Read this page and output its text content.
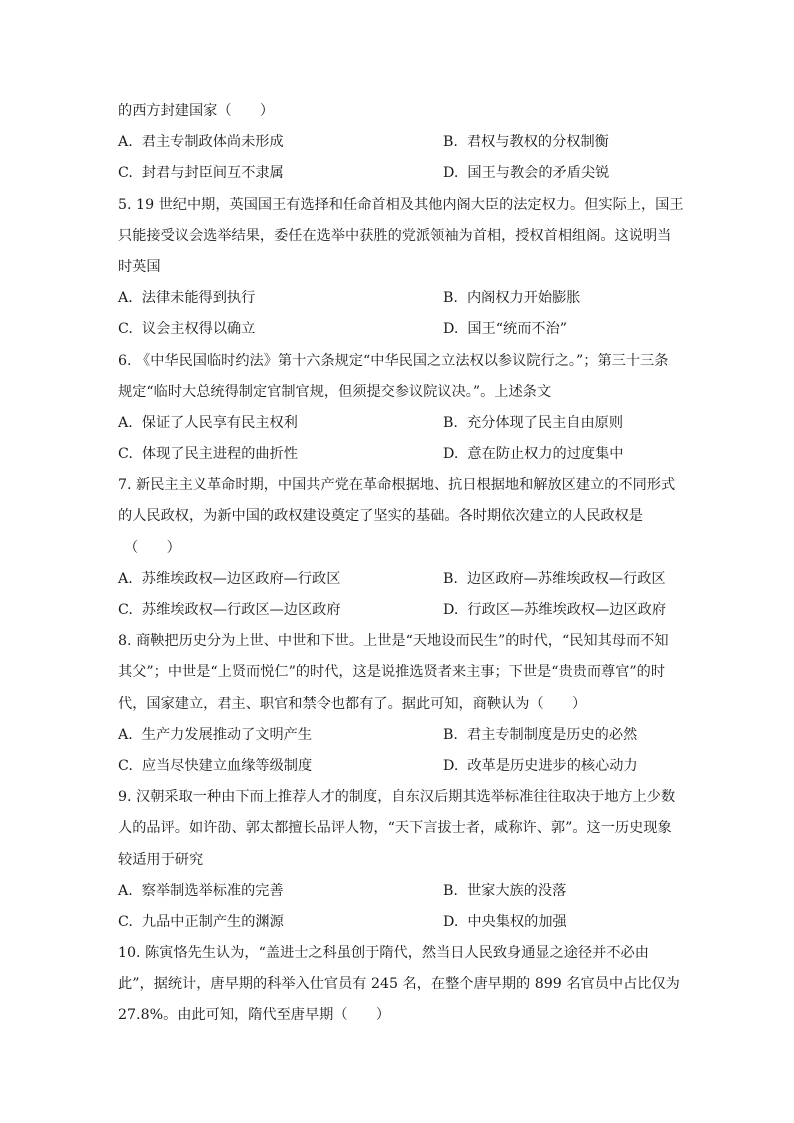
的西方封建国家（　　）
A. 君主专制政体尚未形成	B. 君权与教权的分权制衡
C. 封君与封臣间互不隶属	D. 国王与教会的矛盾尖锐
5. 19 世纪中期，英国国王有选择和任命首相及其他内阁大臣的法定权力。但实际上，国王
只能接受议会选举结果，委任在选举中获胜的党派领袖为首相，授权首相组阁。这说明当
时英国
A. 法律未能得到执行	B. 内阁权力开始膨胀
C. 议会主权得以确立	D. 国王“统而不治”
6. 《中华民国临时约法》第十六条规定“中华民国之立法权以参议院行之。”；第三十三条
规定“临时大总统得制定官制官规，但须提交参议院议决。”。上述条文
A. 保证了人民享有民主权利	B. 充分体现了民主自由原则
C. 体现了民主进程的曲折性	D. 意在防止权力的过度集中
7. 新民主主义革命时期，中国共产党在革命根据地、抗日根据地和解放区建立的不同形式
的人民政权，为新中国的政权建设奠定了坚实的基础。各时期依次建立的人民政权是
（　　）
A. 苏维埃政权—边区政府—行政区	B. 边区政府—苏维埃政权—行政区
C. 苏维埃政权—行政区—边区政府	D. 行政区—苏维埃政权—边区政府
8. 商鞅把历史分为上世、中世和下世。上世是“天地设而民生”的时代，“民知其母而不知
其父”；中世是“上贤而悦仁”的时代，这是说推选贤者来主事；下世是“贵贵而尊官”的时
代，国家建立，君主、职官和禁令也都有了。据此可知，商鞅认为（　　）
A. 生产力发展推动了文明产生	B. 君主专制制度是历史的必然
C. 应当尽快建立血缘等级制度	D. 改革是历史进步的核心动力
9. 汉朝采取一种由下而上推荐人才的制度，自东汉后期其选举标准往往取决于地方上少数
人的品评。如许劭、郭太都擅长品评人物，“天下言拔士者，咸称许、郭”。这一历史现象
较适用于研究
A. 察举制选举标准的完善	B. 世家大族的没落
C. 九品中正制产生的渊源	D. 中央集权的加强
10. 陈寅恪先生认为，“盖进士之科虽创于隋代，然当日人民致身通显之途径并不必由
此”，据统计，唐早期的科举入仕官员有 245 名，在整个唐早期的 899 名官员中占比仅为
27.8%。由此可知，隋代至唐早期（　　）
